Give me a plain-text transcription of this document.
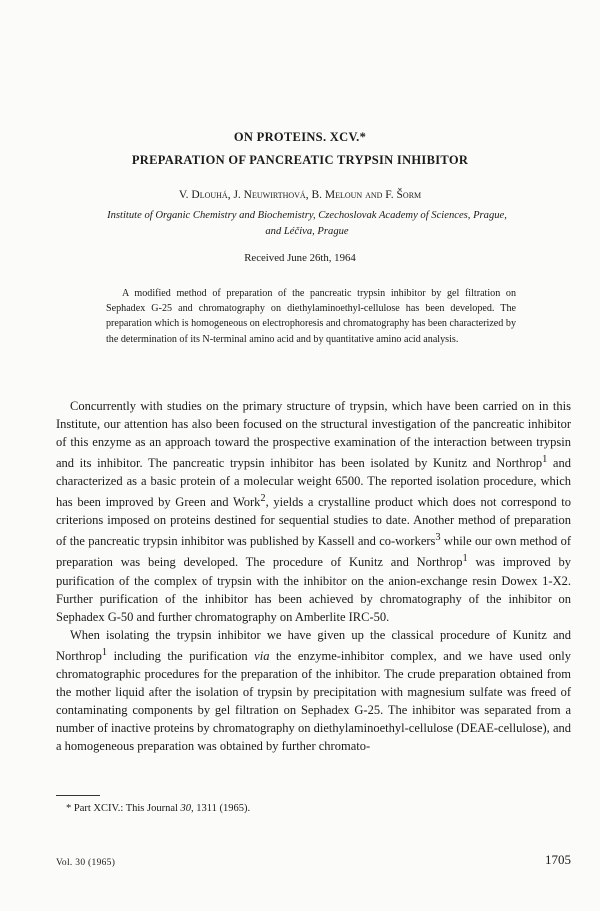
ON PROTEINS. XCV.*
PREPARATION OF PANCREATIC TRYPSIN INHIBITOR
V. Dlouhá, J. Neuwirthová, B. Meloun and F. Šorm
Institute of Organic Chemistry and Biochemistry, Czechoslovak Academy of Sciences, Prague,
and Léčiva, Prague
Received June 26th, 1964

A modified method of preparation of the pancreatic trypsin inhibitor by gel filtration on Sephadex G-25 and chromatography on diethylaminoethyl-cellulose has been developed. The preparation which is homogeneous on electrophoresis and chromatography has been characterized by the determination of its N-terminal amino acid and by quantitative amino acid analysis.

Concurrently with studies on the primary structure of trypsin, which have been carried on in this Institute, our attention has also been focused on the structural investigation of the pancreatic inhibitor of this enzyme as an approach toward the prospective examination of the interaction between trypsin and its inhibitor. The pancreatic trypsin inhibitor has been isolated by Kunitz and Northrop$^1$ and characterized as a basic protein of a molecular weight 6500. The reported isolation procedure, which has been improved by Green and Work$^2$, yields a crystalline product which does not correspond to criterions imposed on proteins destined for sequential studies to date. Another method of preparation of the pancreatic trypsin inhibitor was published by Kassell and co-workers$^3$ while our own method of preparation was being developed. The procedure of Kunitz and Northrop$^1$ was improved by purification of the complex of trypsin with the inhibitor on the anion-exchange resin Dowex 1-X2. Further purification of the inhibitor has been achieved by chromatography of the inhibitor on Sephadex G-50 and further chromatography on Amberlite IRC-50.

When isolating the trypsin inhibitor we have given up the classical procedure of Kunitz and Northrop$^1$ including the purification via the enzyme-inhibitor complex, and we have used only chromatographic procedures for the preparation of the inhibitor. The crude preparation obtained from the mother liquid after the isolation of trypsin by precipitation with magnesium sulfate was freed of contaminating components by gel filtration on Sephadex G-25. The inhibitor was separated from a number of inactive proteins by chromatography on diethylaminoethyl-cellulose (DEAE-cellulose), and a homogeneous preparation was obtained by further chromato-

* Part XCIV.: This Journal 30, 1311 (1965).
Vol. 30 (1965)	1705
